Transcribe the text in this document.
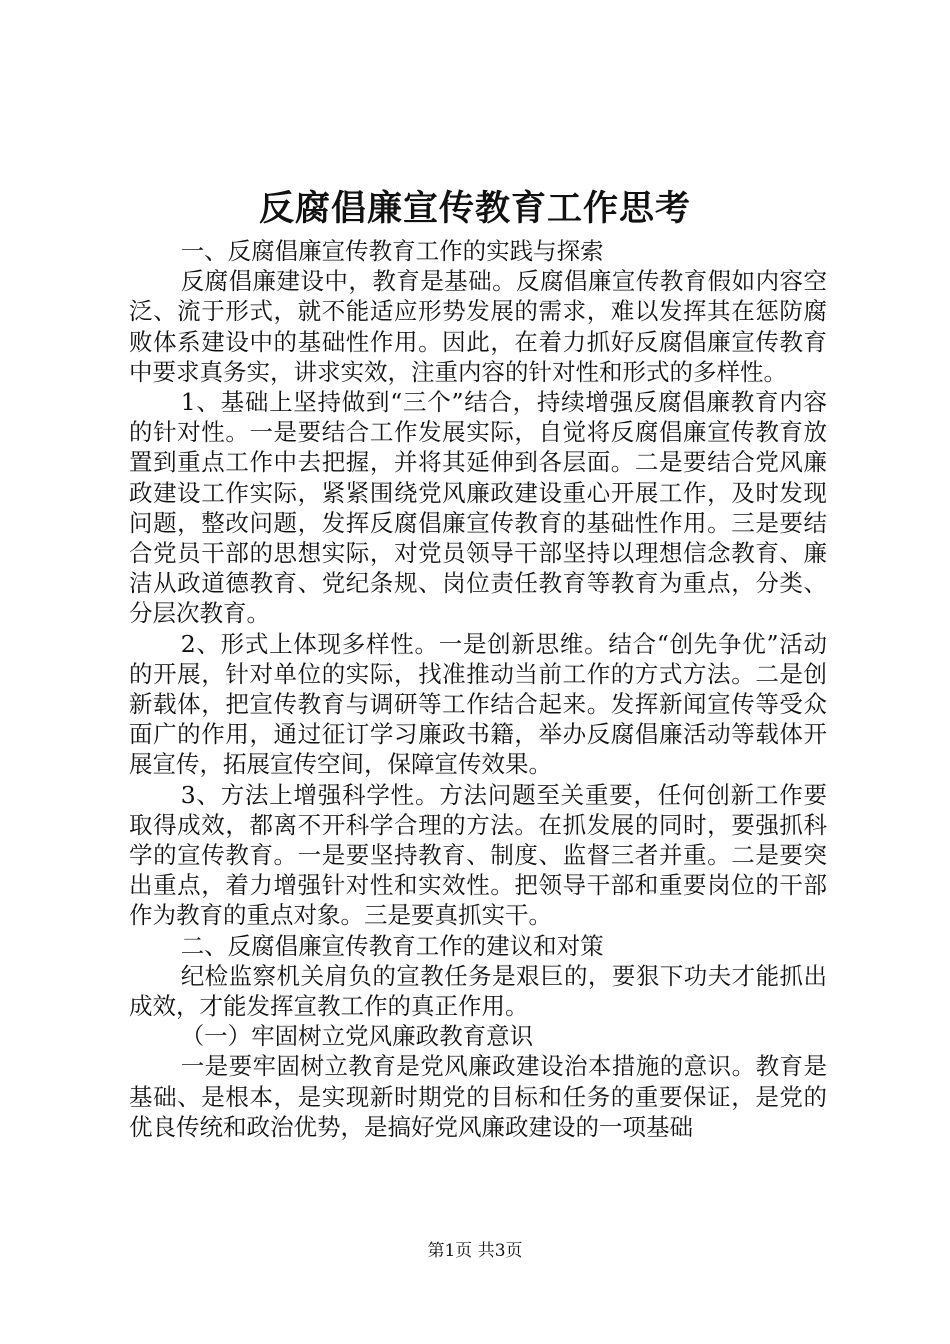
反腐倡廉宣传教育工作思考

一、反腐倡廉宣传教育工作的实践与探索

反腐倡廉建设中，教育是基础。反腐倡廉宣传教育假如内容空泛、流于形式，就不能适应形势发展的需求，难以发挥其在惩防腐败体系建设中的基础性作用。因此，在着力抓好反腐倡廉宣传教育中要求真务实，讲求实效，注重内容的针对性和形式的多样性。

1、基础上坚持做到“三个”结合，持续增强反腐倡廉教育内容的针对性。一是要结合工作发展实际，自觉将反腐倡廉宣传教育放置到重点工作中去把握，并将其延伸到各层面。二是要结合党风廉政建设工作实际，紧紧围绕党风廉政建设重心开展工作，及时发现问题，整改问题，发挥反腐倡廉宣传教育的基础性作用。三是要结合党员干部的思想实际，对党员领导干部坚持以理想信念教育、廉洁从政道德教育、党纪条规、岗位责任教育等教育为重点，分类、分层次教育。

2、形式上体现多样性。一是创新思维。结合“创先争优”活动的开展，针对单位的实际，找准推动当前工作的方式方法。二是创新载体，把宣传教育与调研等工作结合起来。发挥新闻宣传等受众面广的作用，通过征订学习廉政书籍，举办反腐倡廉活动等载体开展宣传，拓展宣传空间，保障宣传效果。

3、方法上增强科学性。方法问题至关重要，任何创新工作要取得成效，都离不开科学合理的方法。在抓发展的同时，要强抓科学的宣传教育。一是要坚持教育、制度、监督三者并重。二是要突出重点，着力增强针对性和实效性。把领导干部和重要岗位的干部作为教育的重点对象。三是要真抓实干。

二、反腐倡廉宣传教育工作的建议和对策

纪检监察机关肩负的宣教任务是艰巨的，要狠下功夫才能抓出成效，才能发挥宣教工作的真正作用。

（一）牢固树立党风廉政教育意识

一是要牢固树立教育是党风廉政建设治本措施的意识。教育是基础、是根本，是实现新时期党的目标和任务的重要保证，是党的优良传统和政治优势，是搞好党风廉政建设的一项基础

第1页 共3页
